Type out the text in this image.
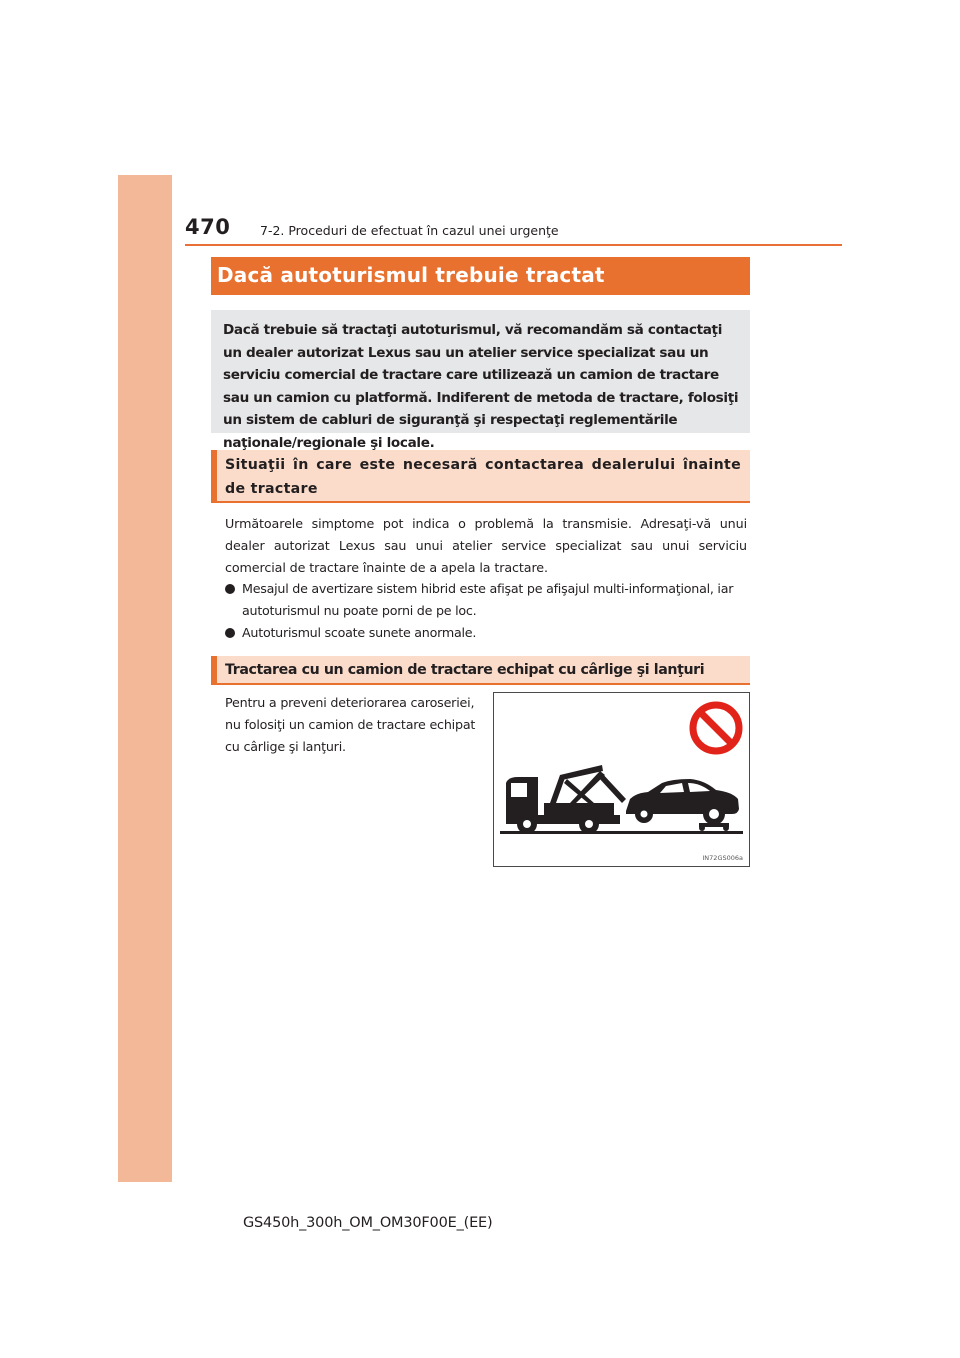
470 7-2. Proceduri de efectuat în cazul unei urgenţe
Dacă autoturismul trebuie tractat
Dacă trebuie să tractaţi autoturismul, vă recomandăm să contactaţi un dealer autorizat Lexus sau un atelier service specializat sau un serviciu comercial de tractare care utilizează un camion de tractare sau un camion cu platformă. Indiferent de metoda de tractare, folosiţi un sistem de cabluri de siguranţă şi respectaţi reglementările naţionale/regionale şi locale.
Situaţii în care este necesară contactarea dealerului înainte de tractare
Următoarele simptome pot indica o problemă la transmisie. Adresaţi-vă unui dealer autorizat Lexus sau unui atelier service specializat sau unui serviciu comercial de tractare înainte de a apela la tractare.
Mesajul de avertizare sistem hibrid este afişat pe afişajul multi-informaţional, iar autoturismul nu poate porni de pe loc.
Autoturismul scoate sunete anormale.
Tractarea cu un camion de tractare echipat cu cârlige şi lanţuri
Pentru a preveni deteriorarea caroseriei, nu folosiţi un camion de tractare echipat cu cârlige şi lanţuri.
IN72GS006a
GS450h_300h_OM_OM30F00E_(EE)
